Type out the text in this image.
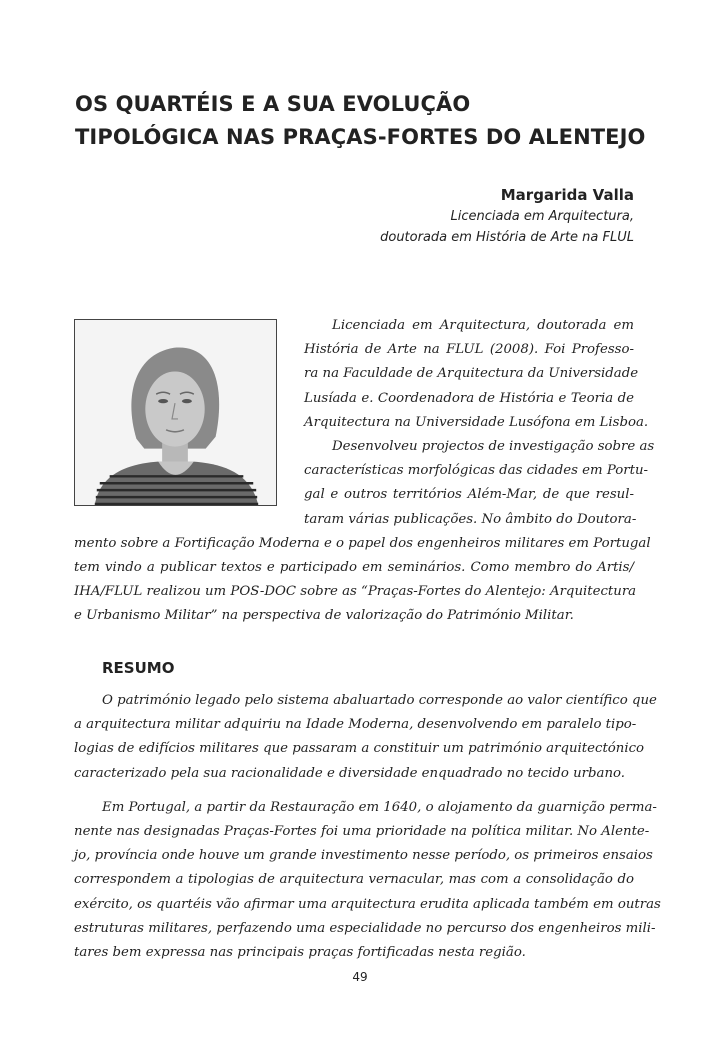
OS QUARTÉIS E A SUA EVOLUÇÃO
TIPOLÓGICA NAS PRAÇAS-FORTES DO ALENTEJO
Margarida Valla
Licenciada em Arquitectura,
doutorada em História de Arte na FLUL

Licenciada em Arquitectura, doutorada em
História de Arte na FLUL (2008). Foi Professo-
ra na Faculdade de Arquitectura da Universidade
Lusíada e. Coordenadora de História e Teoria de
Arquitectura na Universidade Lusófona em Lisboa.

Desenvolveu projectos de investigação sobre as
características morfológicas das cidades em Portu-
gal e outros territórios Além-Mar, de que resul-
taram várias publicações. No âmbito do Doutora-
mento sobre a Fortificação Moderna e o papel dos engenheiros militares em Portugal
tem vindo a publicar textos e participado em seminários. Como membro do Artis/
IHA/FLUL realizou um POS-DOC sobre as “Praças-Fortes do Alentejo: Arquitectura
e Urbanismo Militar” na perspectiva de valorização do Património Militar.

RESUMO

O património legado pelo sistema abaluartado corresponde ao valor científico que
a arquitectura militar adquiriu na Idade Moderna, desenvolvendo em paralelo tipo-
logias de edifícios militares que passaram a constituir um património arquitectónico
caracterizado pela sua racionalidade e diversidade enquadrado no tecido urbano.

Em Portugal, a partir da Restauração em 1640, o alojamento da guarnição perma-
nente nas designadas Praças-Fortes foi uma prioridade na política militar. No Alente-
jo, província onde houve um grande investimento nesse período, os primeiros ensaios
correspondem a tipologias de arquitectura vernacular, mas com a consolidação do
exército, os quartéis vão afirmar uma arquitectura erudita aplicada também em outras
estruturas militares, perfazendo uma especialidade no percurso dos engenheiros mili-
tares bem expressa nas principais praças fortificadas nesta região.

49
